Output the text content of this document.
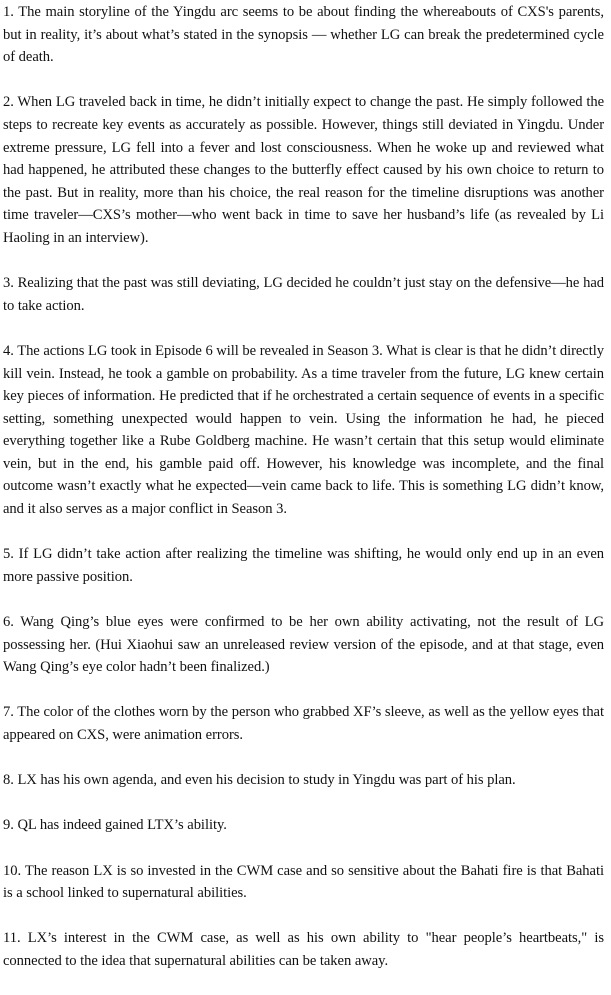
1. The main storyline of the Yingdu arc seems to be about finding the whereabouts of CXS's parents, but in reality, it’s about what’s stated in the synopsis — whether LG can break the predetermined cycle of death.

2. When LG traveled back in time, he didn’t initially expect to change the past. He simply followed the steps to recreate key events as accurately as possible. However, things still deviated in Yingdu. Under extreme pressure, LG fell into a fever and lost consciousness. When he woke up and reviewed what had happened, he attributed these changes to the butterfly effect caused by his own choice to return to the past. But in reality, more than his choice, the real reason for the timeline disruptions was another time traveler—CXS’s mother—who went back in time to save her husband’s life (as revealed by Li Haoling in an interview).

3. Realizing that the past was still deviating, LG decided he couldn’t just stay on the defensive—he had to take action.

4. The actions LG took in Episode 6 will be revealed in Season 3. What is clear is that he didn’t directly kill vein. Instead, he took a gamble on probability. As a time traveler from the future, LG knew certain key pieces of information. He predicted that if he orchestrated a certain sequence of events in a specific setting, something unexpected would happen to vein. Using the information he had, he pieced everything together like a Rube Goldberg machine. He wasn’t certain that this setup would eliminate vein, but in the end, his gamble paid off. However, his knowledge was incomplete, and the final outcome wasn’t exactly what he expected—vein came back to life. This is something LG didn’t know, and it also serves as a major conflict in Season 3.

5. If LG didn’t take action after realizing the timeline was shifting, he would only end up in an even more passive position.

6. Wang Qing’s blue eyes were confirmed to be her own ability activating, not the result of LG possessing her. (Hui Xiaohui saw an unreleased review version of the episode, and at that stage, even Wang Qing’s eye color hadn’t been finalized.)

7. The color of the clothes worn by the person who grabbed XF’s sleeve, as well as the yellow eyes that appeared on CXS, were animation errors.

8. LX has his own agenda, and even his decision to study in Yingdu was part of his plan.

9. QL has indeed gained LTX’s ability.

10. The reason LX is so invested in the CWM case and so sensitive about the Bahati fire is that Bahati is a school linked to supernatural abilities.

11. LX’s interest in the CWM case, as well as his own ability to "hear people’s heartbeats," is connected to the idea that supernatural abilities can be taken away.
